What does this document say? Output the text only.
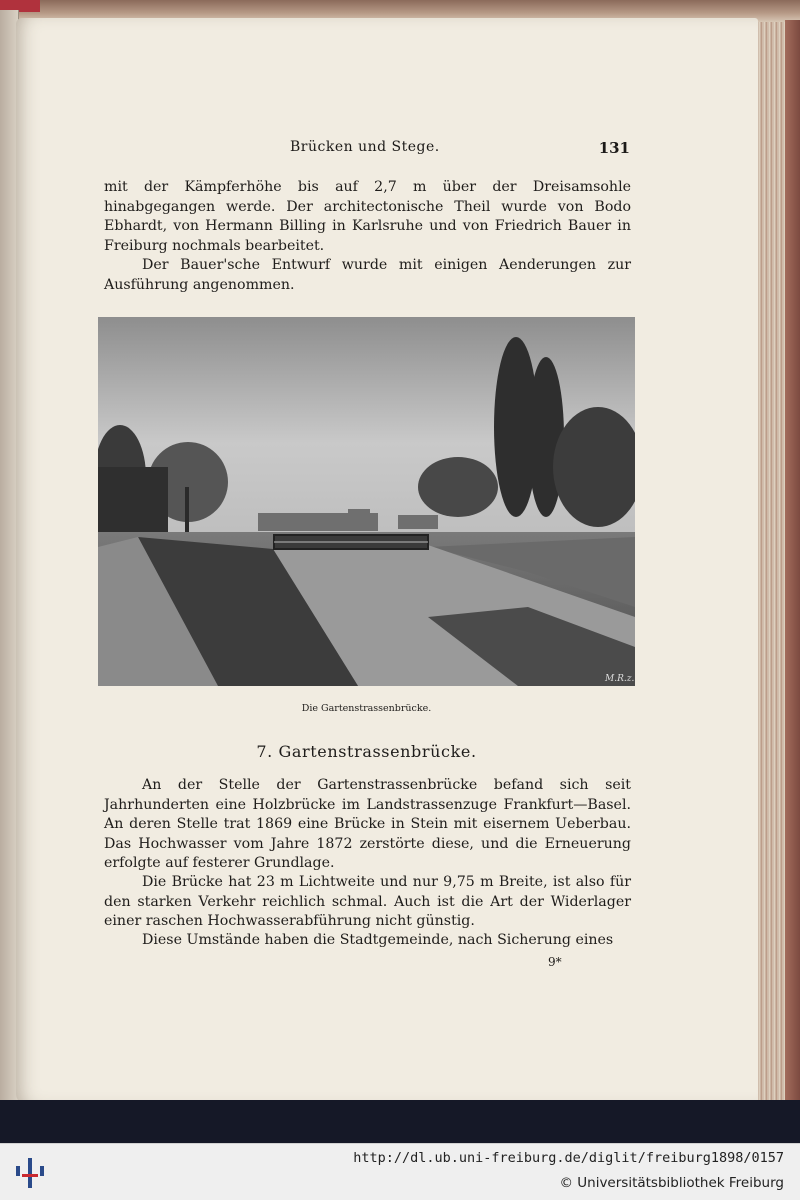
Brücken und Stege.	131
mit der Kämpferhöhe bis auf 2,7 m über der Dreisamsohle hinabgegangen werde. Der architectonische Theil wurde von Bodo Ebhardt, von Hermann Billing in Karlsruhe und von Friedrich Bauer in Freiburg nochmals bearbeitet.
Der Bauer'sche Entwurf wurde mit einigen Aenderungen zur Ausführung angenommen.
M.R.z.
Die Gartenstrassenbrücke.
7. Gartenstrassenbrücke.
An der Stelle der Gartenstrassenbrücke befand sich seit Jahrhunderten eine Holzbrücke im Landstrassenzuge Frankfurt—Basel. An deren Stelle trat 1869 eine Brücke in Stein mit eisernem Ueberbau. Das Hochwasser vom Jahre 1872 zerstörte diese, und die Erneuerung erfolgte auf festerer Grundlage.
Die Brücke hat 23 m Lichtweite und nur 9,75 m Breite, ist also für den starken Verkehr reichlich schmal. Auch ist die Art der Widerlager einer raschen Hochwasserabführung nicht günstig.
Diese Umstände haben die Stadtgemeinde, nach Sicherung eines
9*
http://dl.ub.uni-freiburg.de/diglit/freiburg1898/0157
© Universitätsbibliothek Freiburg
